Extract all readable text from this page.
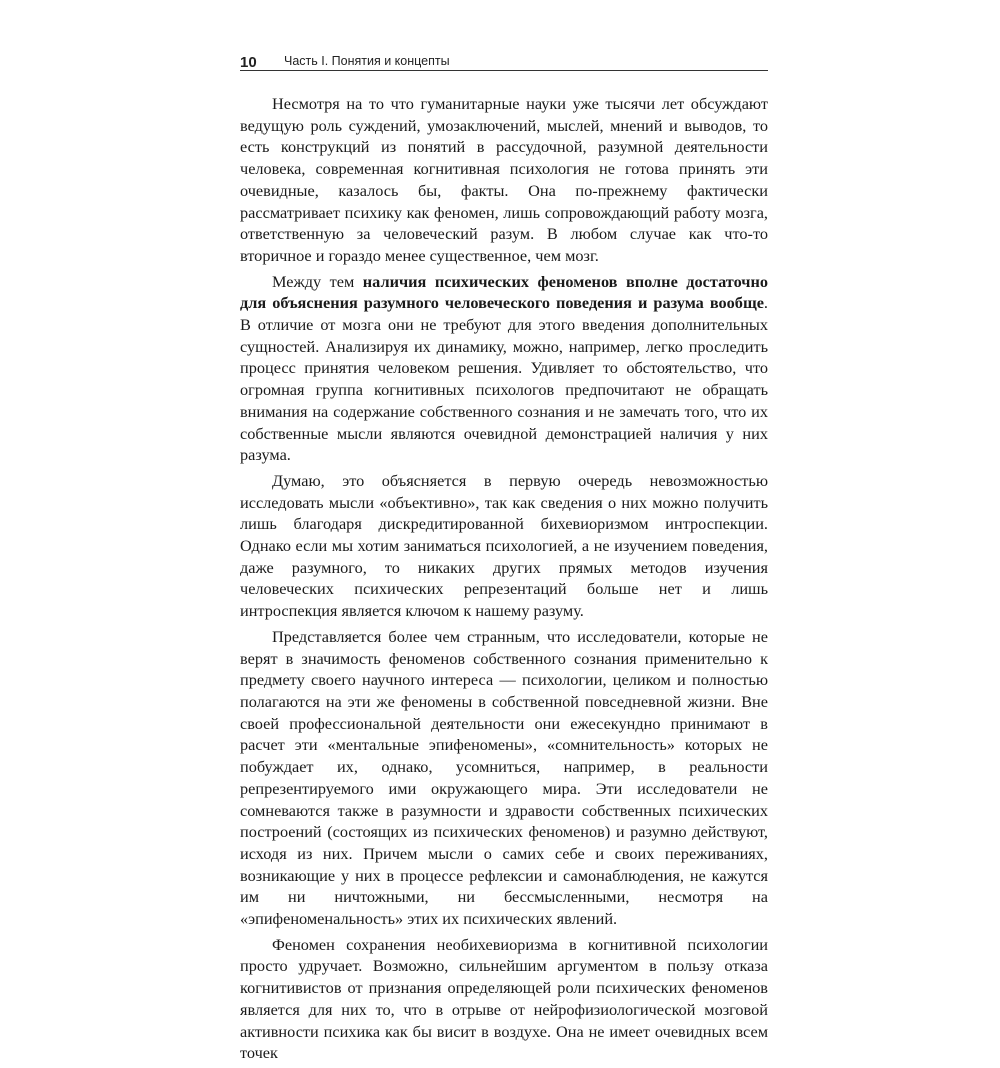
10 Часть I. Понятия и концепты

Несмотря на то что гуманитарные науки уже тысячи лет обсуждают ведущую роль суждений, умозаключений, мыслей, мнений и выводов, то есть конструкций из понятий в рассудочной, разумной деятельности человека, современная когнитивная психология не готова принять эти очевидные, казалось бы, факты. Она по-прежнему фактически рассматривает психику как феномен, лишь сопровождающий работу мозга, ответственную за человеческий разум. В любом случае как что-то вторичное и гораздо менее существенное, чем мозг.

Между тем наличия психических феноменов вполне достаточно для объяснения разумного человеческого поведения и разума вообще. В отличие от мозга они не требуют для этого введения дополнительных сущностей. Анализируя их динамику, можно, например, легко проследить процесс принятия человеком решения. Удивляет то обстоятельство, что огромная группа когнитивных психологов предпочитают не обращать внимания на содержание собственного сознания и не замечать того, что их собственные мысли являются очевидной демонстрацией наличия у них разума.

Думаю, это объясняется в первую очередь невозможностью исследовать мысли «объективно», так как сведения о них можно получить лишь благодаря дискредитированной бихевиоризмом интроспекции. Однако если мы хотим заниматься психологией, а не изучением поведения, даже разумного, то никаких других прямых методов изучения человеческих психических репрезентаций больше нет и лишь интроспекция является ключом к нашему разуму.

Представляется более чем странным, что исследователи, которые не верят в значимость феноменов собственного сознания применительно к предмету своего научного интереса — психологии, целиком и полностью полагаются на эти же феномены в собственной повседневной жизни. Вне своей профессиональной деятельности они ежесекундно принимают в расчет эти «ментальные эпифеномены», «сомнительность» которых не побуждает их, однако, усомниться, например, в реальности репрезентируемого ими окружающего мира. Эти исследователи не сомневаются также в разумности и здравости собственных психических построений (состоящих из психических феноменов) и разумно действуют, исходя из них. Причем мысли о самих себе и своих переживаниях, возникающие у них в процессе рефлексии и самонаблюдения, не кажутся им ни ничтожными, ни бессмысленными, несмотря на «эпифеноменальность» этих их психических явлений.

Феномен сохранения необихевиоризма в когнитивной психологии просто удручает. Возможно, сильнейшим аргументом в пользу отказа когнитивистов от признания определяющей роли психических феноменов является для них то, что в отрыве от нейрофизиологической мозговой активности психика как бы висит в воздухе. Она не имеет очевидных всем точек
